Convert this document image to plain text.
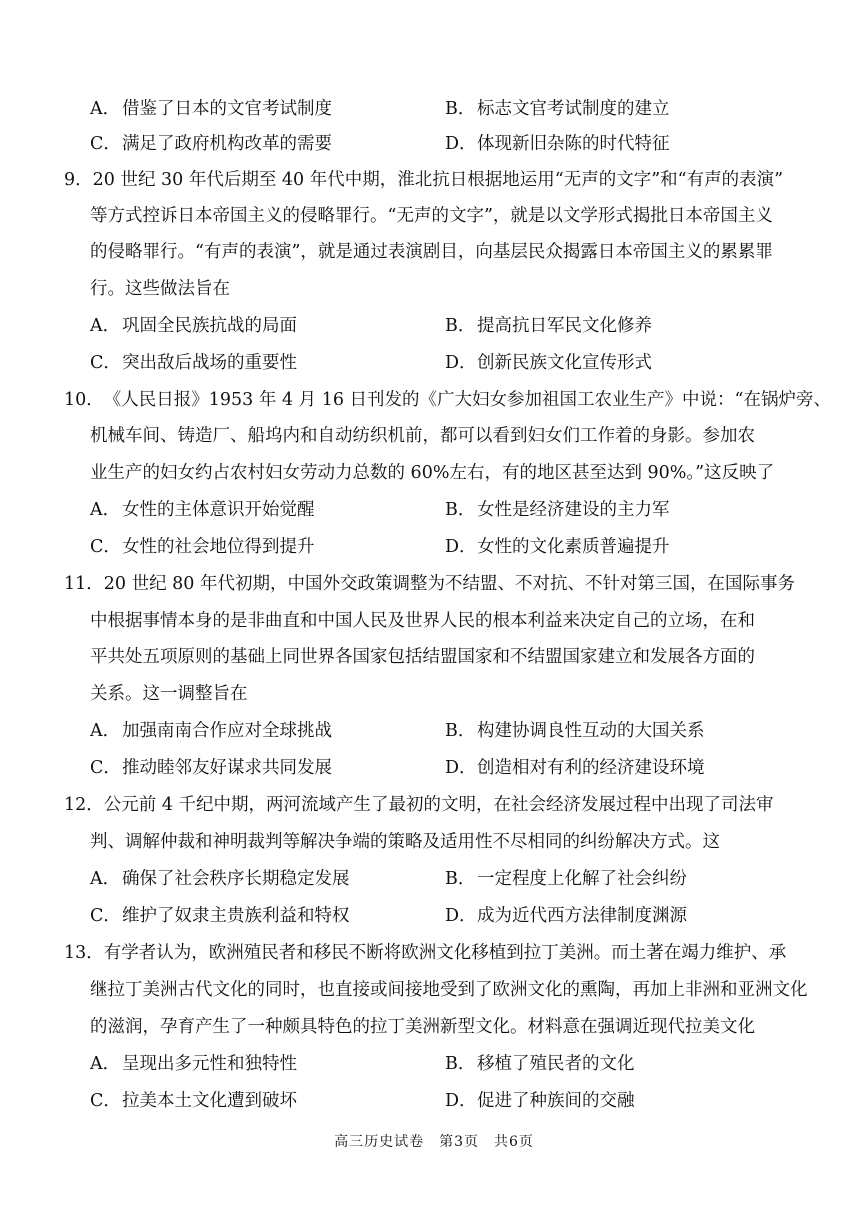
A． 借鉴了日本的文官考试制度	B．标志文官考试制度的建立
C．满足了政府机构改革的需要	D．体现新旧杂陈的时代特征
9．20 世纪 30 年代后期至 40 年代中期，淮北抗日根据地运用“无声的文字”和“有声的表演”
等方式控诉日本帝国主义的侵略罪行。“无声的文字”，就是以文学形式揭批日本帝国主义
的侵略罪行。“有声的表演”，就是通过表演剧目，向基层民众揭露日本帝国主义的累累罪
行。这些做法旨在
A． 巩固全民族抗战的局面	B．提高抗日军民文化修养
C．突出敌后战场的重要性	D．创新民族文化宣传形式
10．《人民日报》1953 年 4 月 16 日刊发的《广大妇女参加祖国工农业生产》中说：“在锅炉旁、
机械车间、铸造厂、船坞内和自动纺织机前，都可以看到妇女们工作着的身影。参加农
业生产的妇女约占农村妇女劳动力总数的 60%左右，有的地区甚至达到 90%。”这反映了
A． 女性的主体意识开始觉醒	B．女性是经济建设的主力军
C．女性的社会地位得到提升	D．女性的文化素质普遍提升
11．20 世纪 80 年代初期，中国外交政策调整为不结盟、不对抗、不针对第三国，在国际事务
中根据事情本身的是非曲直和中国人民及世界人民的根本利益来决定自己的立场，在和
平共处五项原则的基础上同世界各国家包括结盟国家和不结盟国家建立和发展各方面的
关系。这一调整旨在
A． 加强南南合作应对全球挑战	B．构建协调良性互动的大国关系
C．推动睦邻友好谋求共同发展	D．创造相对有利的经济建设环境
12．公元前 4 千纪中期，两河流域产生了最初的文明，在社会经济发展过程中出现了司法审
判、调解仲裁和神明裁判等解决争端的策略及适用性不尽相同的纠纷解决方式。这
A． 确保了社会秩序长期稳定发展	B．一定程度上化解了社会纠纷
C．维护了奴隶主贵族利益和特权	D．成为近代西方法律制度渊源
13．有学者认为，欧洲殖民者和移民不断将欧洲文化移植到拉丁美洲。而土著在竭力维护、承
继拉丁美洲古代文化的同时，也直接或间接地受到了欧洲文化的熏陶，再加上非洲和亚洲文化
的滋润，孕育产生了一种颇具特色的拉丁美洲新型文化。材料意在强调近现代拉美文化
A． 呈现出多元性和独特性	B．移植了殖民者的文化
C．拉美本土文化遭到破坏	D．促进了种族间的交融
高三历史试卷　第3页　共6页
